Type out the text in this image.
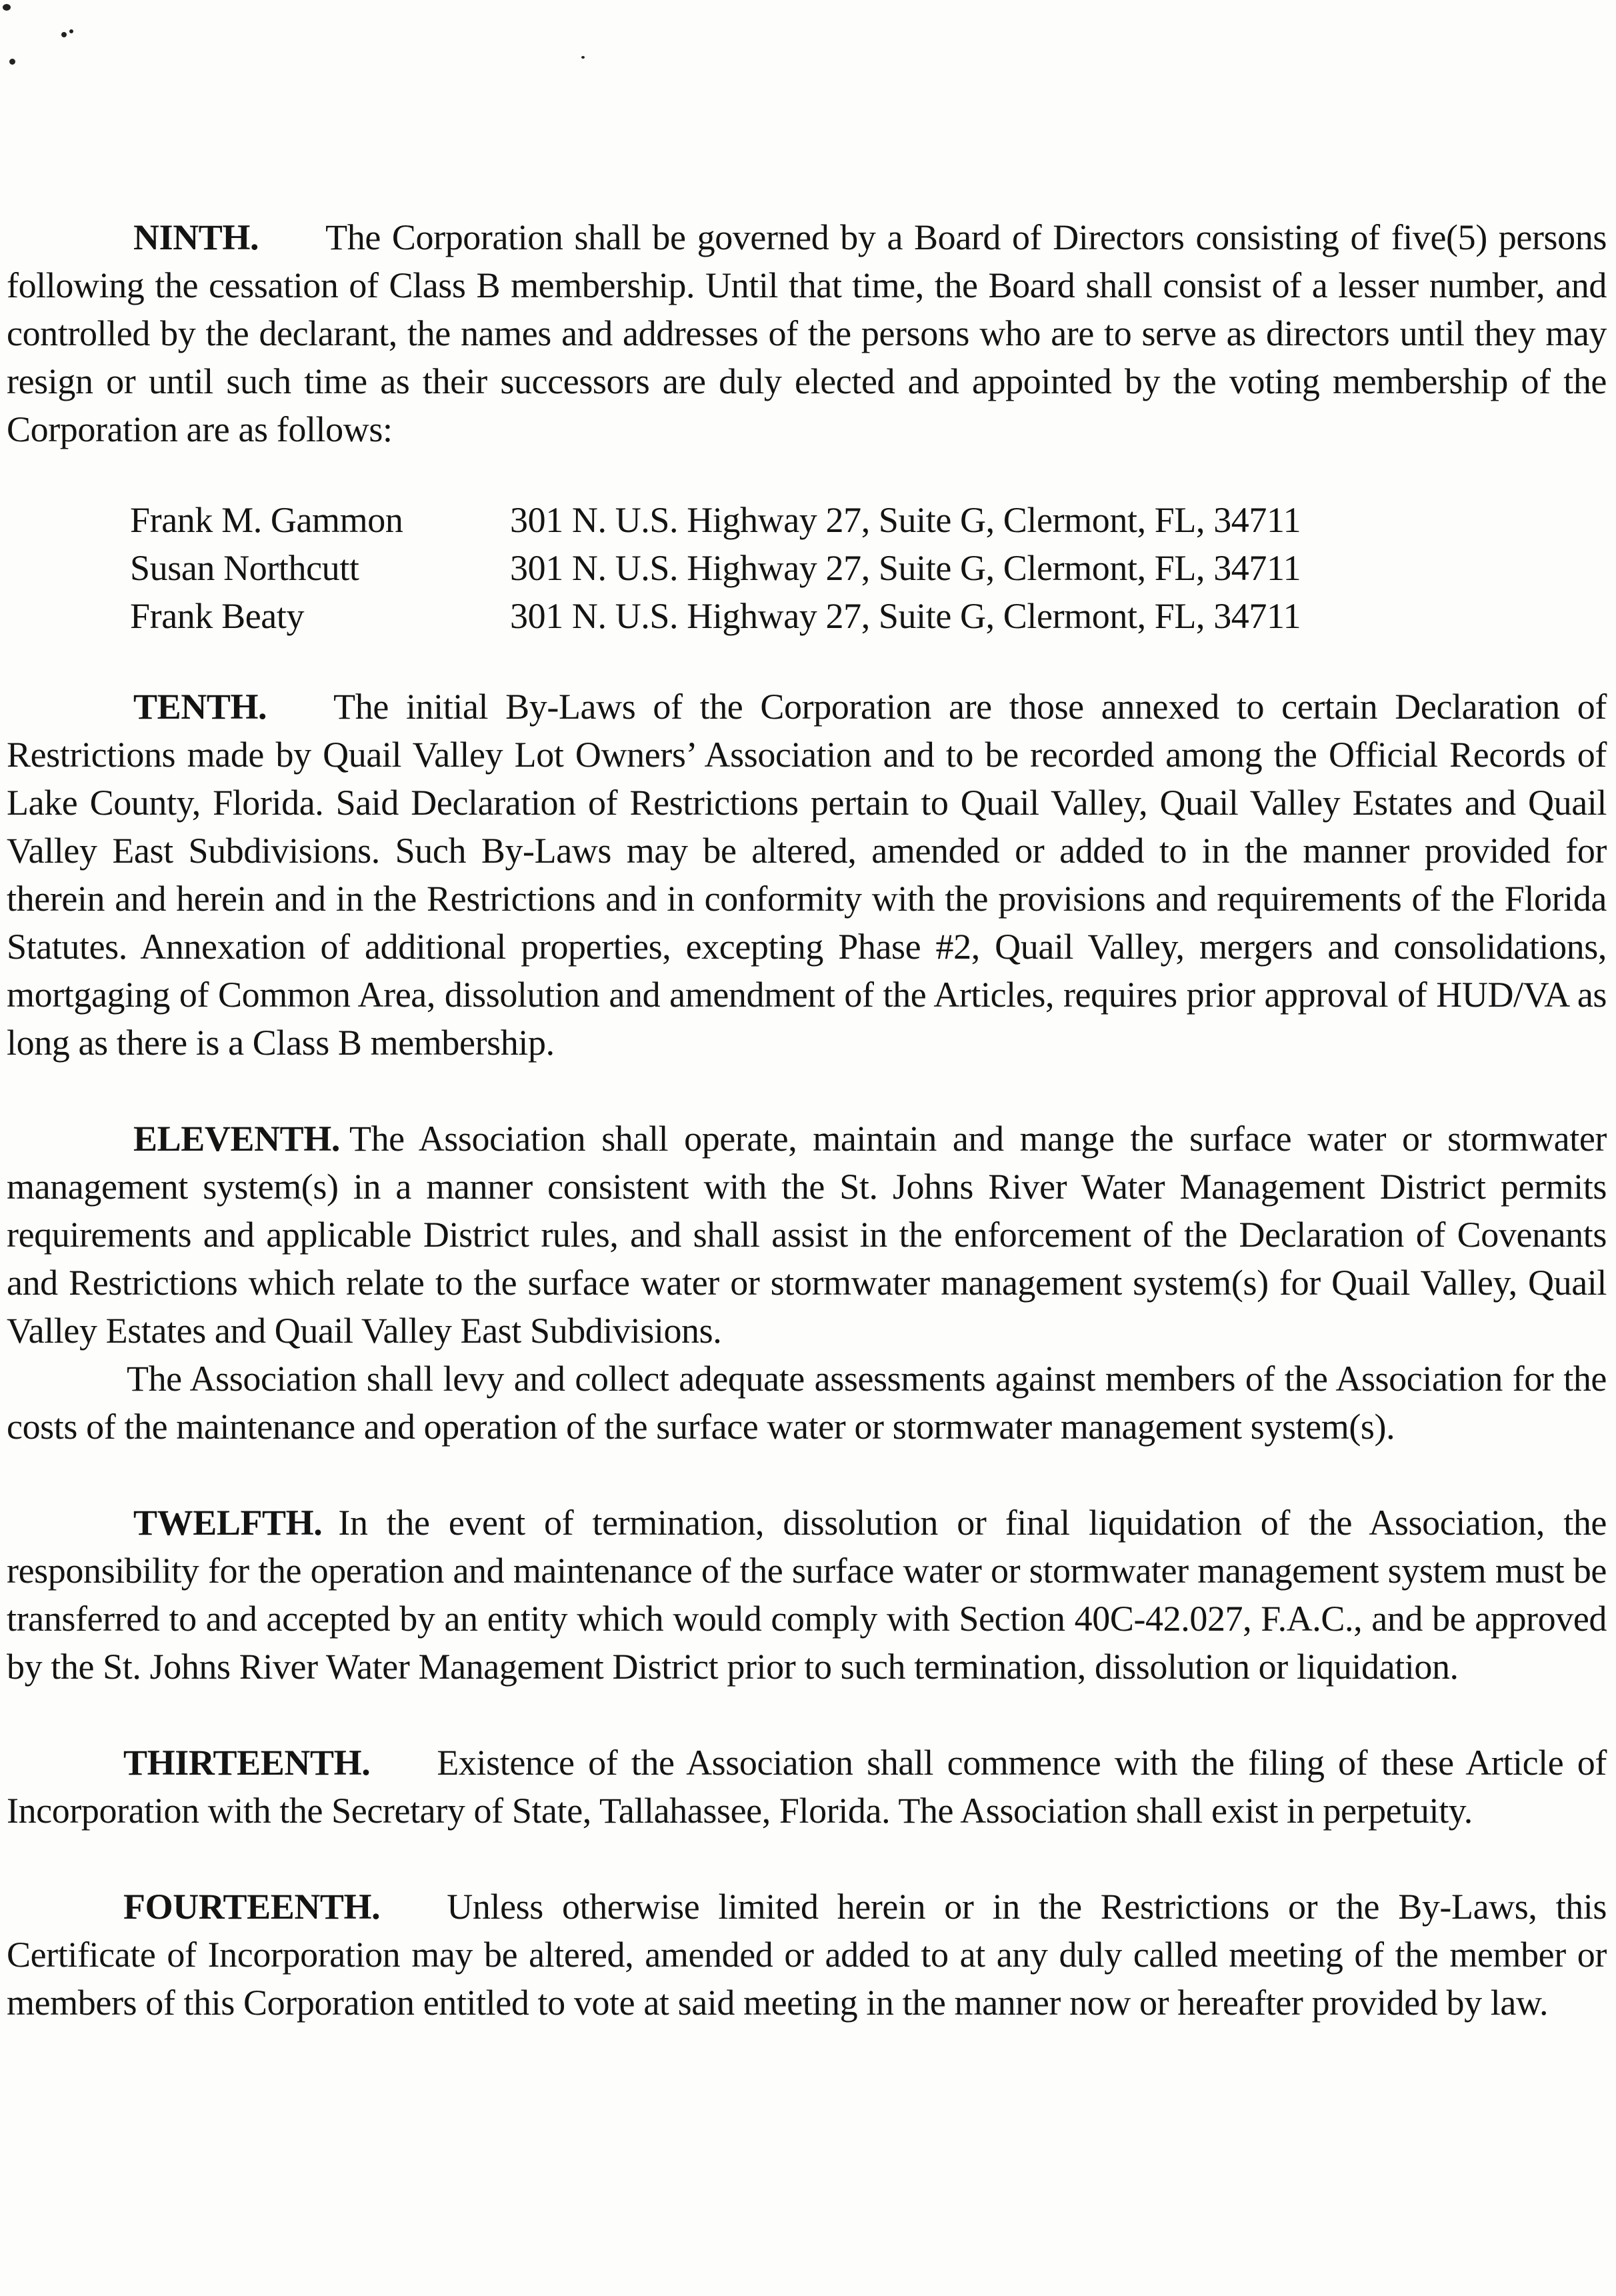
NINTH. The Corporation shall be governed by a Board of Directors consisting of five(5) persons following the cessation of Class B membership. Until that time, the Board shall consist of a lesser number, and controlled by the declarant, the names and addresses of the persons who are to serve as directors until they may resign or until such time as their successors are duly elected and appointed by the voting membership of the Corporation are as follows:

Frank M. Gammon	301 N. U.S. Highway 27, Suite G, Clermont, FL, 34711
Susan Northcutt	301 N. U.S. Highway 27, Suite G, Clermont, FL, 34711
Frank Beaty	301 N. U.S. Highway 27, Suite G, Clermont, FL, 34711

TENTH. The initial By-Laws of the Corporation are those annexed to certain Declaration of Restrictions made by Quail Valley Lot Owners’ Association and to be recorded among the Official Records of Lake County, Florida. Said Declaration of Restrictions pertain to Quail Valley, Quail Valley Estates and Quail Valley East Subdivisions. Such By-Laws may be altered, amended or added to in the manner provided for therein and herein and in the Restrictions and in conformity with the provisions and requirements of the Florida Statutes. Annexation of additional properties, excepting Phase #2, Quail Valley, mergers and consolidations, mortgaging of Common Area, dissolution and amendment of the Articles, requires prior approval of HUD/VA as long as there is a Class B membership.

ELEVENTH. The Association shall operate, maintain and mange the surface water or stormwater management system(s) in a manner consistent with the St. Johns River Water Management District permits requirements and applicable District rules, and shall assist in the enforcement of the Declaration of Covenants and Restrictions which relate to the surface water or stormwater management system(s) for Quail Valley, Quail Valley Estates and Quail Valley East Subdivisions.

The Association shall levy and collect adequate assessments against members of the Association for the costs of the maintenance and operation of the surface water or stormwater management system(s).

TWELFTH. In the event of termination, dissolution or final liquidation of the Association, the responsibility for the operation and maintenance of the surface water or stormwater management system must be transferred to and accepted by an entity which would comply with Section 40C-42.027, F.A.C., and be approved by the St. Johns River Water Management District prior to such termination, dissolution or liquidation.

THIRTEENTH. Existence of the Association shall commence with the filing of these Article of Incorporation with the Secretary of State, Tallahassee, Florida. The Association shall exist in perpetuity.

FOURTEENTH. Unless otherwise limited herein or in the Restrictions or the By-Laws, this Certificate of Incorporation may be altered, amended or added to at any duly called meeting of the member or members of this Corporation entitled to vote at said meeting in the manner now or hereafter provided by law.
